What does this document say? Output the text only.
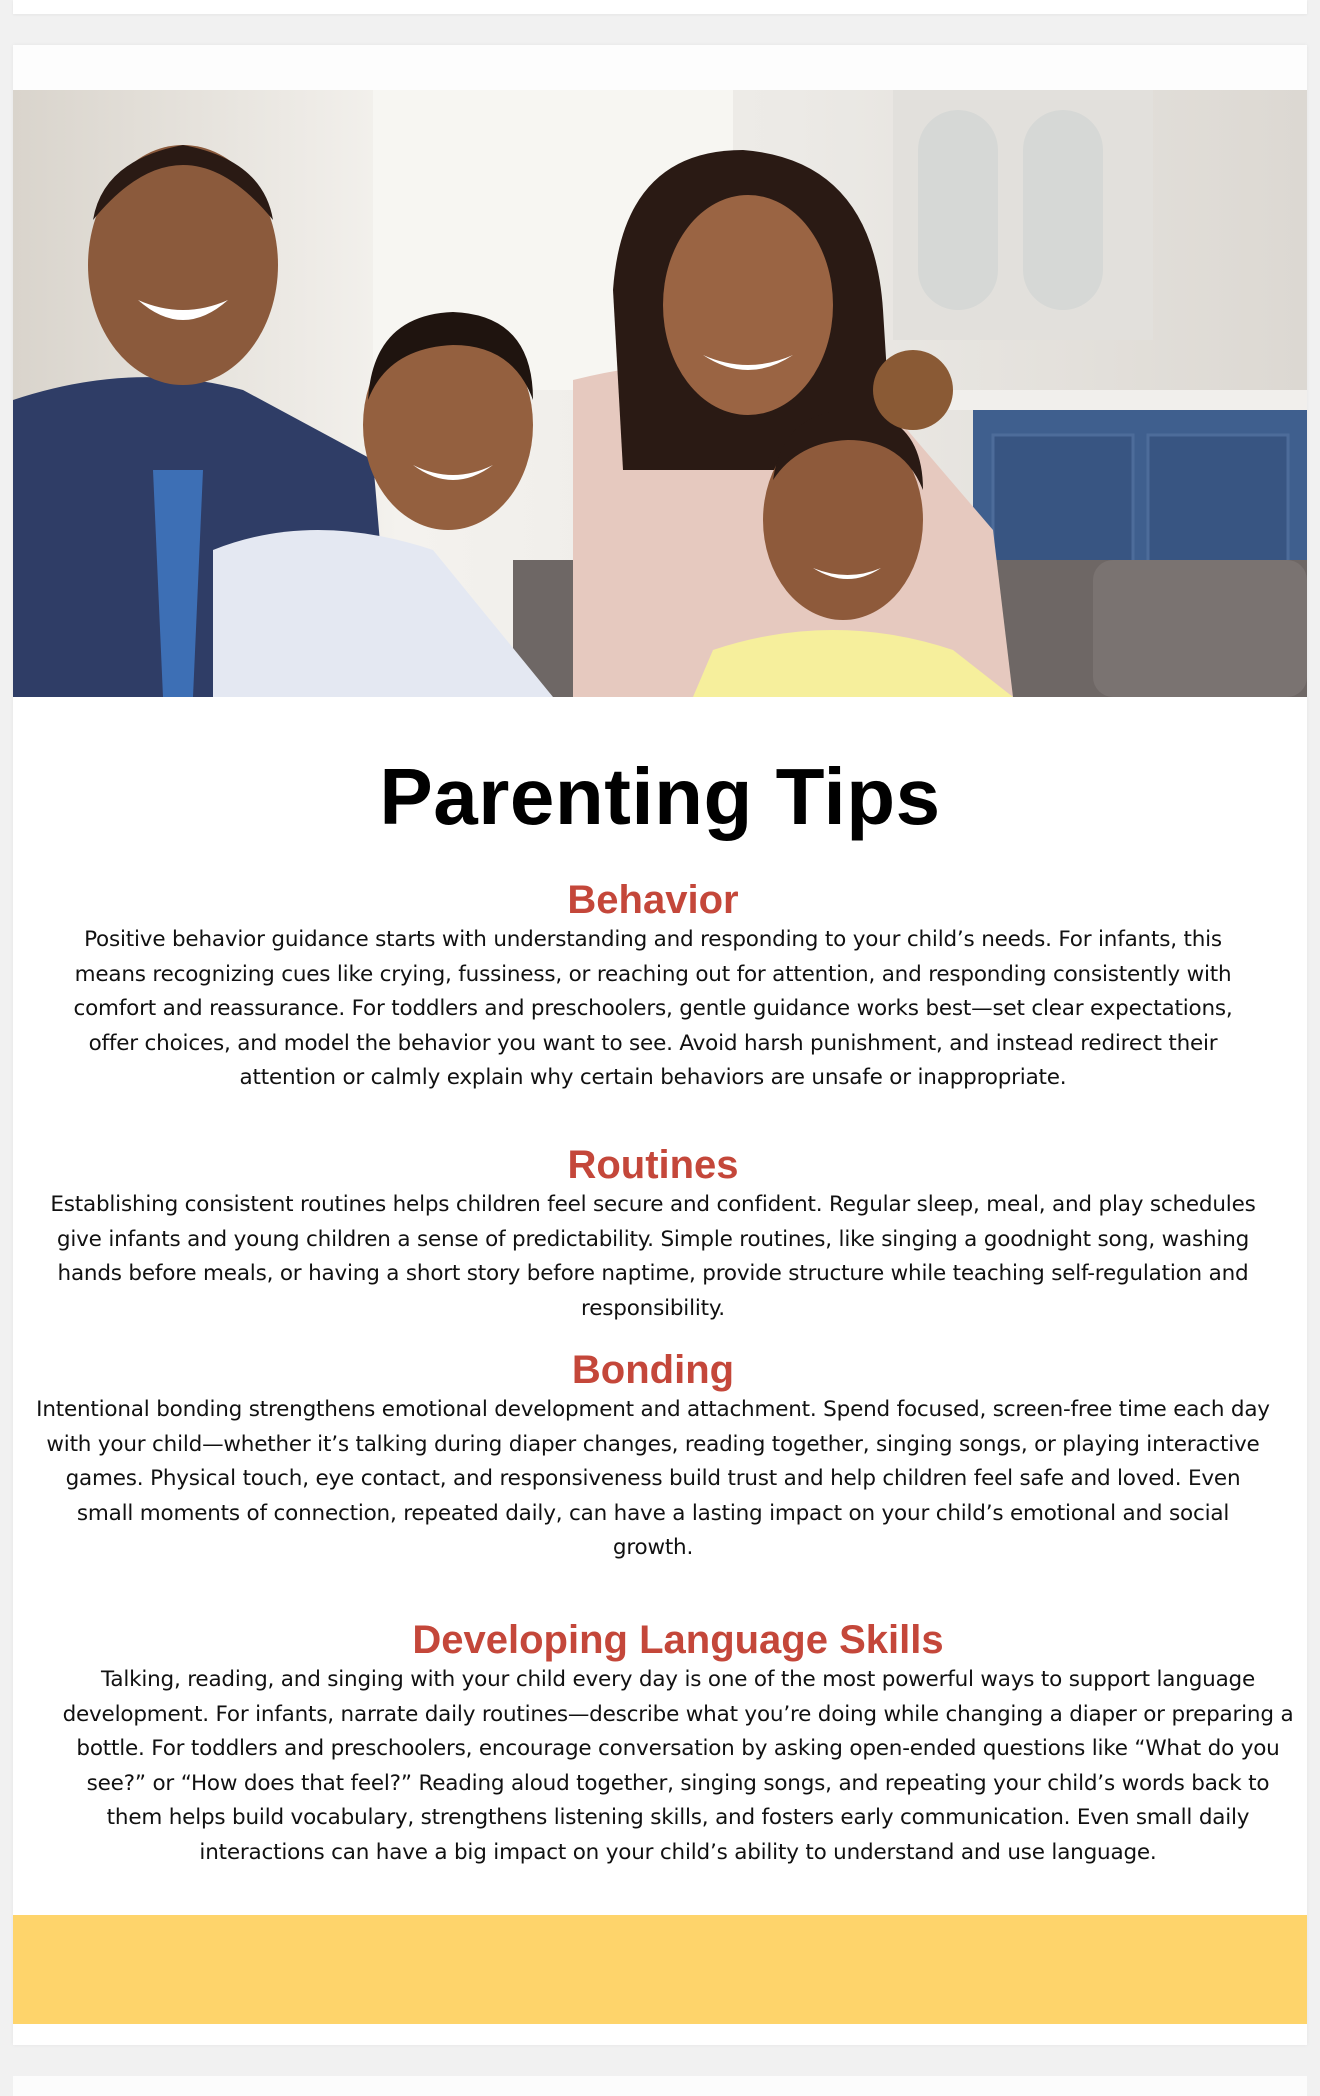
Parenting Tips
Behavior

Positive behavior guidance starts with understanding and responding to your child’s needs. For infants, this means recognizing cues like crying, fussiness, or reaching out for attention, and responding consistently with comfort and reassurance. For toddlers and preschoolers, gentle guidance works best—set clear expectations, offer choices, and model the behavior you want to see. Avoid harsh punishment, and instead redirect their attention or calmly explain why certain behaviors are unsafe or inappropriate.

Routines

Establishing consistent routines helps children feel secure and confident. Regular sleep, meal, and play schedules give infants and young children a sense of predictability. Simple routines, like singing a goodnight song, washing hands before meals, or having a short story before naptime, provide structure while teaching self-regulation and responsibility.

Bonding

Intentional bonding strengthens emotional development and attachment. Spend focused, screen-free time each day with your child—whether it’s talking during diaper changes, reading together, singing songs, or playing interactive games. Physical touch, eye contact, and responsiveness build trust and help children feel safe and loved. Even small moments of connection, repeated daily, can have a lasting impact on your child’s emotional and social growth.

Developing Language Skills

Talking, reading, and singing with your child every day is one of the most powerful ways to support language development. For infants, narrate daily routines—describe what you’re doing while changing a diaper or preparing a bottle. For toddlers and preschoolers, encourage conversation by asking open-ended questions like “What do you see?” or “How does that feel?” Reading aloud together, singing songs, and repeating your child’s words back to them helps build vocabulary, strengthens listening skills, and fosters early communication. Even small daily interactions can have a big impact on your child’s ability to understand and use language.
